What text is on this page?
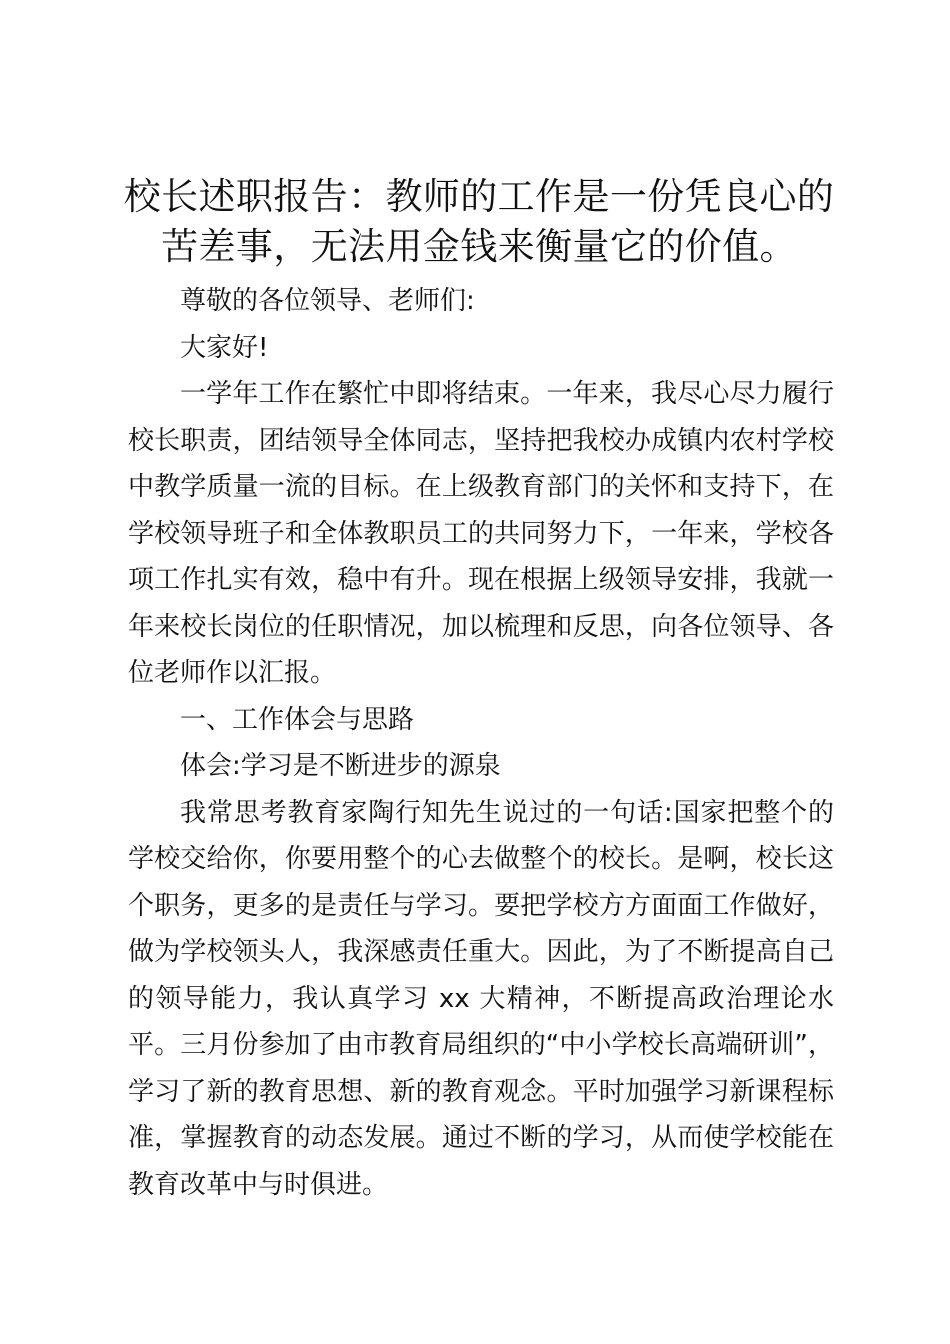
校长述职报告：教师的工作是一份凭良心的苦差事，无法用金钱来衡量它的价值。

尊敬的各位领导、老师们:

大家好!

一学年工作在繁忙中即将结束。一年来，我尽心尽力履行校长职责，团结领导全体同志，坚持把我校办成镇内农村学校中教学质量一流的目标。在上级教育部门的关怀和支持下，在学校领导班子和全体教职员工的共同努力下，一年来，学校各项工作扎实有效，稳中有升。现在根据上级领导安排，我就一年来校长岗位的任职情况，加以梳理和反思，向各位领导、各位老师作以汇报。

一、工作体会与思路

体会:学习是不断进步的源泉

我常思考教育家陶行知先生说过的一句话:国家把整个的学校交给你，你要用整个的心去做整个的校长。是啊，校长这个职务，更多的是责任与学习。要把学校方方面面工作做好，做为学校领头人，我深感责任重大。因此，为了不断提高自己的领导能力，我认真学习 xx 大精神，不断提高政治理论水平。三月份参加了由市教育局组织的“中小学校长高端研训”，学习了新的教育思想、新的教育观念。平时加强学习新课程标准，掌握教育的动态发展。通过不断的学习，从而使学校能在教育改革中与时俱进。
